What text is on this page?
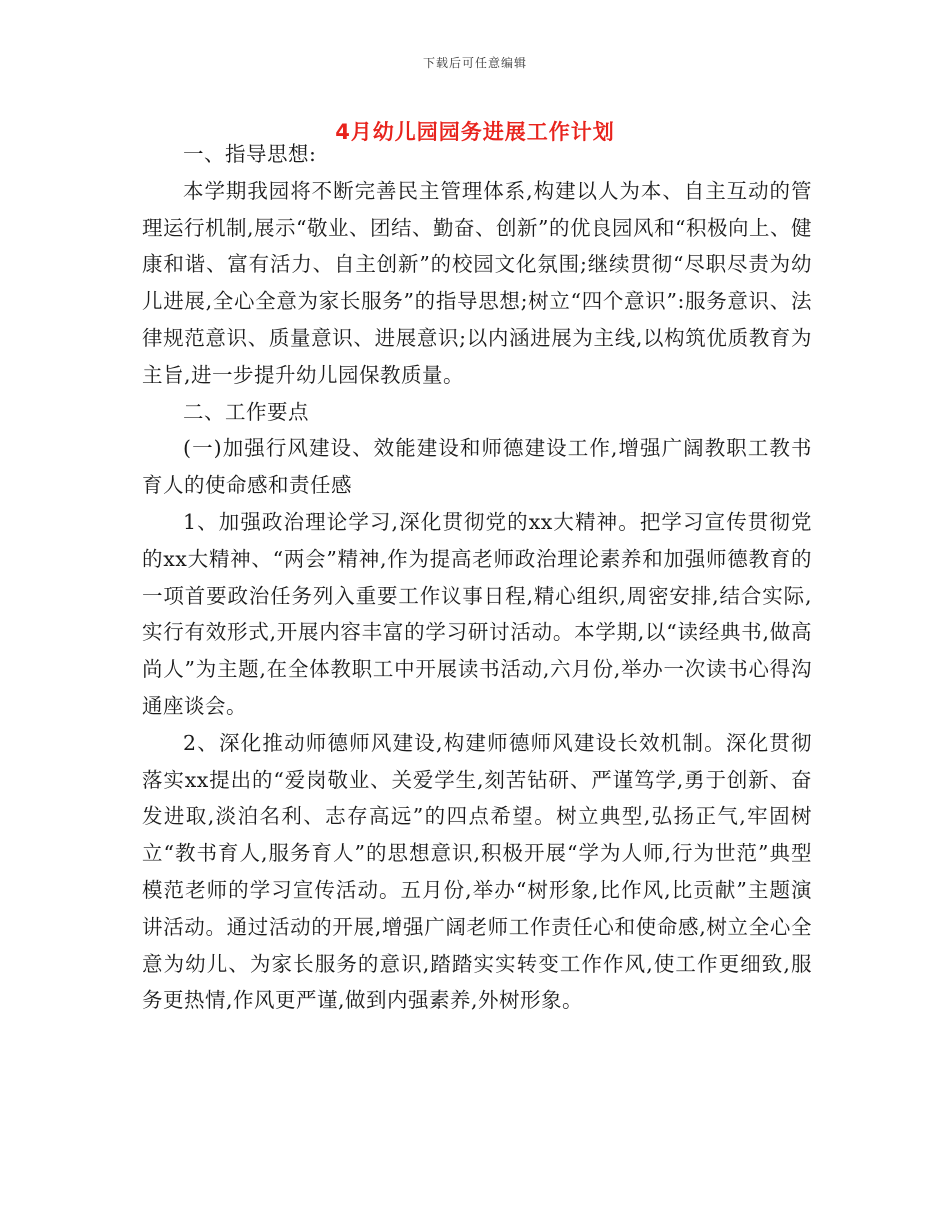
下载后可任意编辑
4月幼儿园园务进展工作计划

一、指导思想:

本学期我园将不断完善民主管理体系,构建以人为本、自主互动的管理运行机制,展示“敬业、团结、勤奋、创新”的优良园风和“积极向上、健康和谐、富有活力、自主创新”的校园文化氛围;继续贯彻“尽职尽责为幼儿进展,全心全意为家长服务”的指导思想;树立“四个意识”:服务意识、法律规范意识、质量意识、进展意识;以内涵进展为主线,以构筑优质教育为主旨,进一步提升幼儿园保教质量。

二、工作要点

(一)加强行风建设、效能建设和师德建设工作,增强广阔教职工教书育人的使命感和责任感

1、加强政治理论学习,深化贯彻党的xx大精神。把学习宣传贯彻党的xx大精神、“两会”精神,作为提高老师政治理论素养和加强师德教育的一项首要政治任务列入重要工作议事日程,精心组织,周密安排,结合实际,实行有效形式,开展内容丰富的学习研讨活动。本学期,以“读经典书,做高尚人”为主题,在全体教职工中开展读书活动,六月份,举办一次读书心得沟通座谈会。

2、深化推动师德师风建设,构建师德师风建设长效机制。深化贯彻落实xx提出的“爱岗敬业、关爱学生,刻苦钻研、严谨笃学,勇于创新、奋发进取,淡泊名利、志存高远”的四点希望。树立典型,弘扬正气,牢固树立“教书育人,服务育人”的思想意识,积极开展“学为人师,行为世范”典型模范老师的学习宣传活动。五月份,举办“树形象,比作风,比贡献”主题演讲活动。通过活动的开展,增强广阔老师工作责任心和使命感,树立全心全意为幼儿、为家长服务的意识,踏踏实实转变工作作风,使工作更细致,服务更热情,作风更严谨,做到内强素养,外树形象。
